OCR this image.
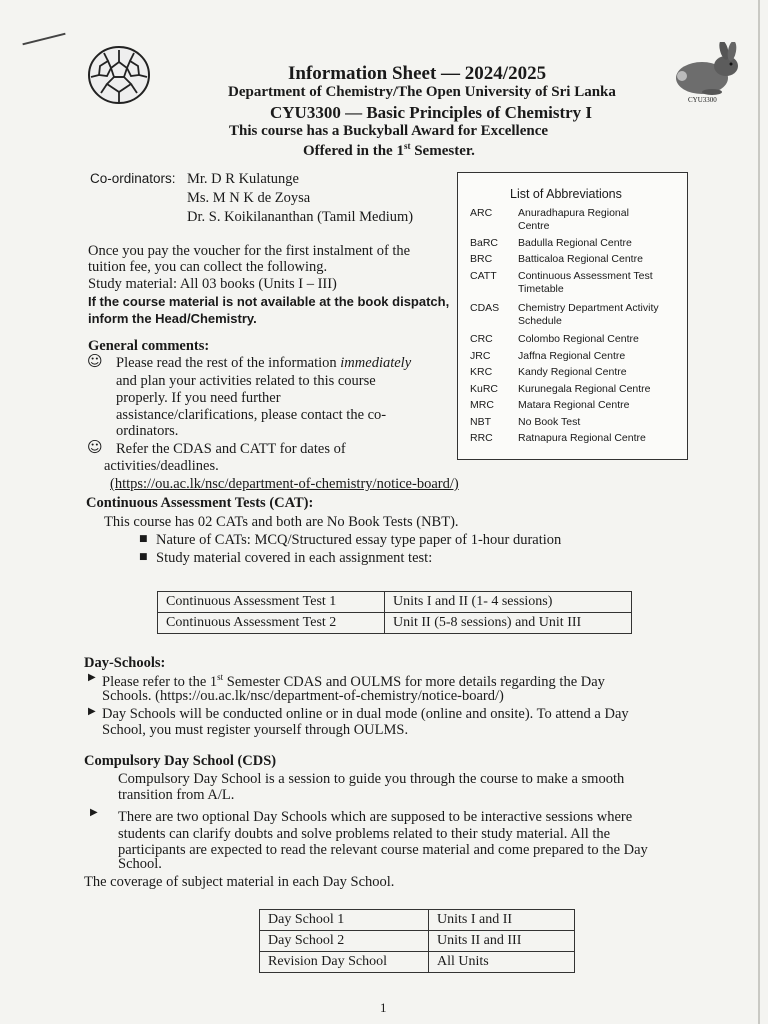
CYU3300
Information Sheet — 2024/2025
Department of Chemistry/The Open University of Sri Lanka
CYU3300 — Basic Principles of Chemistry I
This course has a Buckyball Award for Excellence
Offered in the 1st Semester.
Co-ordinators: Mr. D R Kulatunge
Ms. M N K de Zoysa
Dr. S. Koikilananthan (Tamil Medium)
Once you pay the voucher for the first instalment of the
tuition fee, you can collect the following.
Study material: All 03 books (Units I – III)
If the course material is not available at the book dispatch,
inform the Head/Chemistry.
General comments:
☺ Please read the rest of the information immediately
and plan your activities related to this course
properly. If you need further
assistance/clarifications, please contact the co-
ordinators.
☺ Refer the CDAS and CATT for dates of
activities/deadlines.
(https://ou.ac.lk/nsc/department-of-chemistry/notice-board/)
List of Abbreviations
ARC	Anuradhapura Regional Centre
BaRC	Badulla Regional Centre
BRC	Batticaloa Regional Centre
CATT	Continuous Assessment Test Timetable
CDAS	Chemistry Department Activity Schedule
CRC	Colombo Regional Centre
JRC	Jaffna Regional Centre
KRC	Kandy Regional Centre
KuRC	Kurunegala Regional Centre
MRC	Matara Regional Centre
NBT	No Book Test
RRC	Ratnapura Regional Centre
Continuous Assessment Tests (CAT):
This course has 02 CATs and both are No Book Tests (NBT).
■ Nature of CATs: MCQ/Structured essay type paper of 1-hour duration
■ Study material covered in each assignment test:
Continuous Assessment Test 1	Units I and II (1- 4 sessions)
Continuous Assessment Test 2	Unit II (5-8 sessions) and Unit III
Day-Schools:
▶ Please refer to the 1st Semester CDAS and OULMS for more details regarding the Day
Schools. (https://ou.ac.lk/nsc/department-of-chemistry/notice-board/)
▶ Day Schools will be conducted online or in dual mode (online and onsite). To attend a Day
School, you must register yourself through OULMS.
Compulsory Day School (CDS)
Compulsory Day School is a session to guide you through the course to make a smooth
transition from A/L.
▶ There are two optional Day Schools which are supposed to be interactive sessions where
students can clarify doubts and solve problems related to their study material. All the
participants are expected to read the relevant course material and come prepared to the Day
School.
The coverage of subject material in each Day School.
Day School 1	Units I and II
Day School 2	Units II and III
Revision Day School	All Units
1
